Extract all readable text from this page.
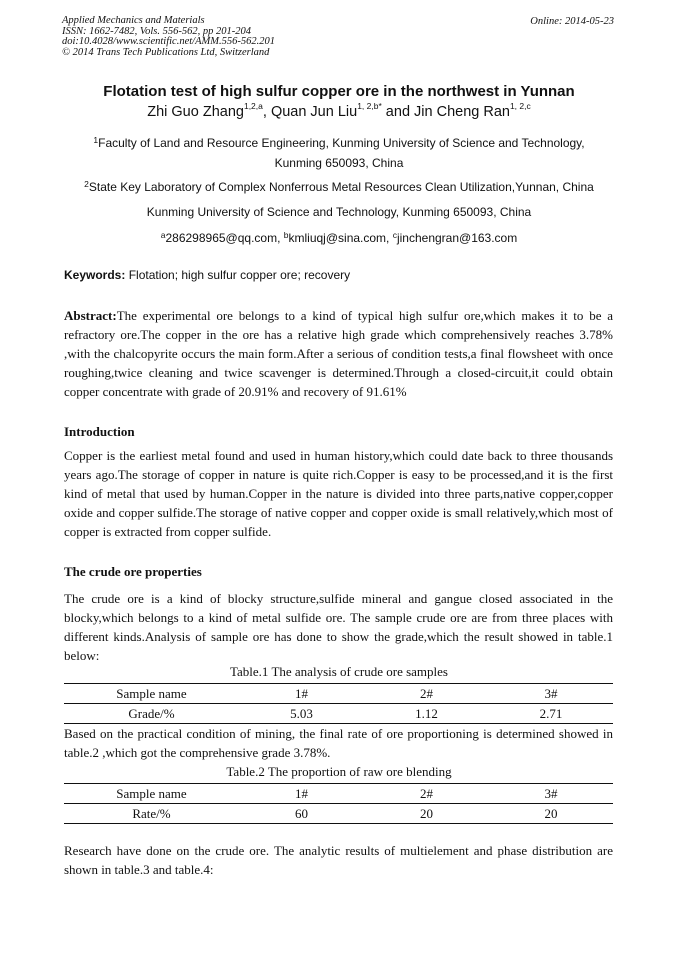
Applied Mechanics and Materials
ISSN: 1662-7482, Vols. 556-562, pp 201-204
doi:10.4028/www.scientific.net/AMM.556-562.201
© 2014 Trans Tech Publications Ltd, Switzerland
Online: 2014-05-23
Flotation test of high sulfur copper ore in the northwest in Yunnan
Zhi Guo Zhang$^{1,2,a}$, Quan Jun Liu$^{1, 2,b*}$ and Jin Cheng Ran$^{1, 2,c}$
$^1$Faculty of Land and Resource Engineering, Kunming University of Science and Technology,
Kunming 650093, China
$^2$State Key Laboratory of Complex Nonferrous Metal Resources Clean Utilization,Yunnan, China
Kunming University of Science and Technology, Kunming 650093, China
$^a$286298965@qq.com, $^b$kmliuqj@sina.com, $^c$jinchengran@163.com
Keywords: Flotation; high sulfur copper ore; recovery
Abstract:The experimental ore belongs to a kind of typical high sulfur ore,which makes it to be a refractory ore.The copper in the ore has a relative high grade which comprehensively reaches 3.78% ,with the chalcopyrite occurs the main form.After a serious of condition tests,a final flowsheet with once roughing,twice cleaning and twice scavenger is determined.Through a closed-circuit,it could obtain copper concentrate with grade of 20.91% and recovery of 91.61%
Introduction
Copper is the earliest metal found and used in human history,which could date back to three thousands years ago.The storage of copper in nature is quite rich.Copper is easy to be processed,and it is the first kind of metal that used by human.Copper in the nature is divided into three parts,native copper,copper oxide and copper sulfide.The storage of native copper and copper oxide is small relatively,which most of copper is extracted from copper sulfide.
The crude ore properties
The crude ore is a kind of blocky structure,sulfide mineral and gangue closed associated in the blocky,which belongs to a kind of metal sulfide ore. The sample crude ore are from three places with different kinds.Analysis of sample ore has done to show the grade,which the result showed in table.1 below:
Table.1 The analysis of crude ore samples
Sample name	1#	2#	3#
Grade/%	5.03	1.12	2.71
Based on the practical condition of mining, the final rate of ore proportioning is determined showed in table.2 ,which got the comprehensive grade 3.78%.
Table.2 The proportion of raw ore blending
Sample name	1#	2#	3#
Rate/%	60	20	20
Research have done on the crude ore. The analytic results of multielement and phase distribution are shown in table.3 and table.4:
